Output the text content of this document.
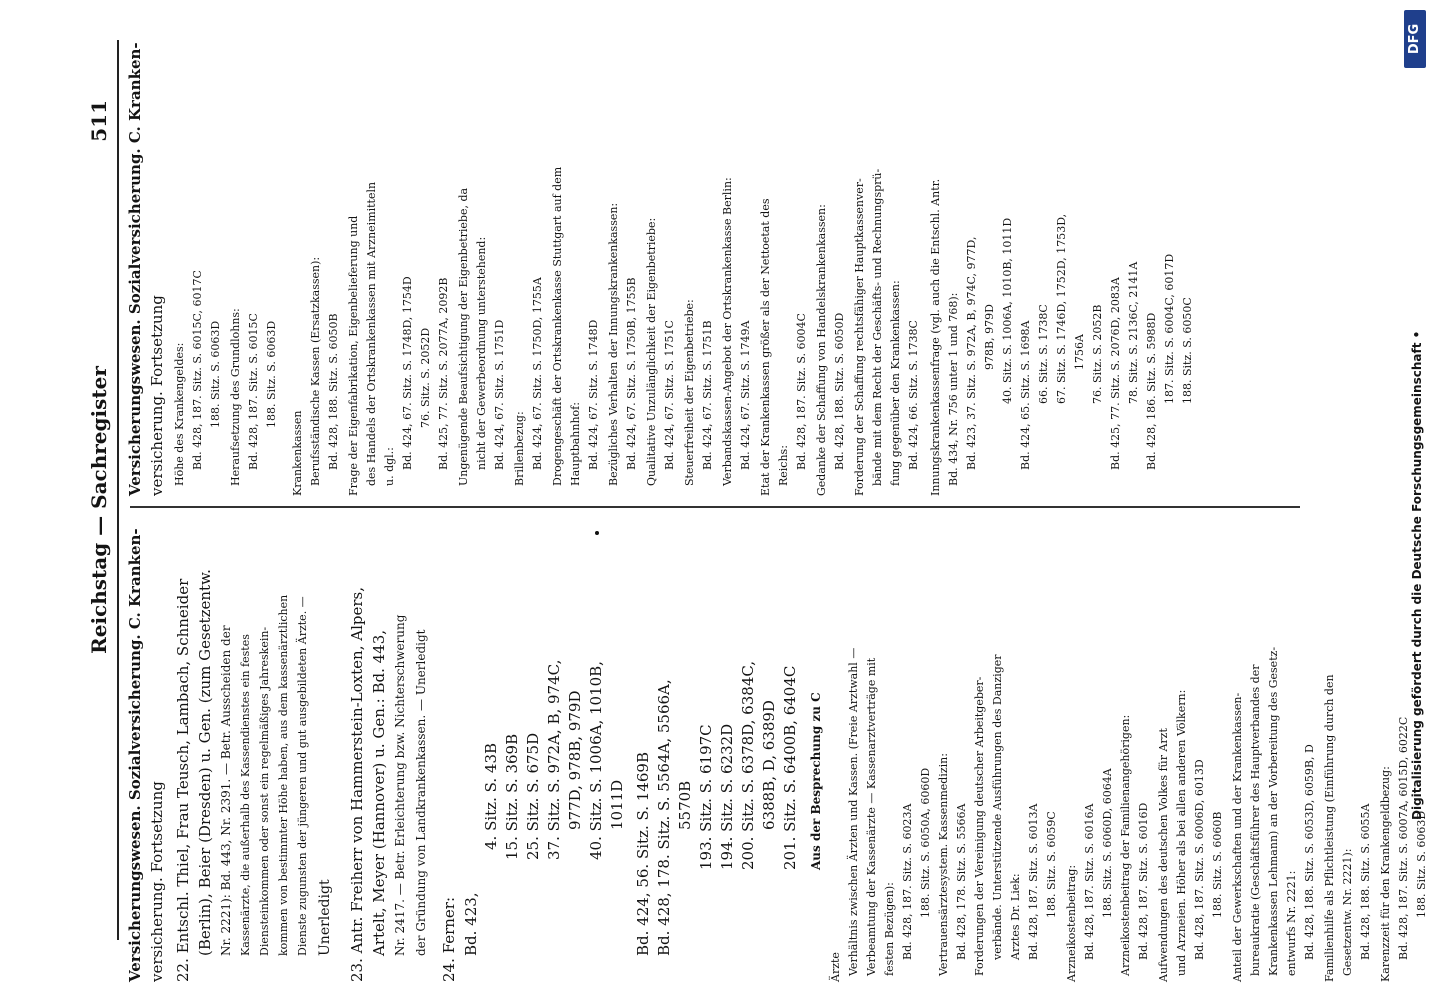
Reichstag — Sachregister
511
Versicherungswesen. Sozialversicherung. C. Kranken- versicherung. Fortsetzung 22. Entschl. Thiel, Frau Teusch, Lambach, Schneider (Berlin), Beier (Dresden) u. Gen. (zum Gesetzentw. Nr. 2221): Bd. 443, Nr. 2391. — Betr. Ausscheiden der Kassenärzte, die außerhalb des Kassendienstes ein festes Diensteinkommen oder sonst ein regelmäßiges Jahreskein- kommen von bestimmter Höhe haben, aus dem kassenärztlichen Dienste zugunsten der jüngeren und gut ausgebildeten Ärzte. — Unerledigt 23. Antr. Freiherr von Hammerstein-Loxten, Alpers, Artelt, Meyer (Hannover) u. Gen.: Bd. 443, Nr. 2417. — Betr. Erleichterung bzw. Nichterschwerung der Gründung von Landkrankenkassen. — Unerledigt 24. Ferner: Bd. 423,
4. Sitz. S. 43B 15. Sitz. S. 369B 25. Sitz. S. 675D 37. Sitz. S. 972A, B, 974C, 977D, 978B, 979D 40. Sitz. S. 1006A, 1010B, 1011D Bd. 424, 56. Sitz. S. 1469B Bd. 428, 178. Sitz. S. 5564A, 5566A, 5570B 193. Sitz. S. 6197C 194. Sitz. S. 6232D 200. Sitz. S. 6378D, 6384C, 6388B, D, 6389D 201. Sitz. S. 6400B, 6404C Aus der Besprechung zu C
Ärzte Verhältnis zwischen Ärzten und Kassen. (Freie Arztwahl — Verbeamtung der Kassenärzte — Kassenarztverträge mit festen Bezügen): Bd. 428, 187. Sitz. S. 6023A 188. Sitz. S. 6050A, 6060D Vertrauensärztesystem. Kassenmedizin: Bd. 428, 178. Sitz. S. 5566A Forderungen der Vereinigung deutscher Arbeitgeber- verbände. Unterstützende Ausführungen des Danziger Arztes Dr. Liek: Bd. 428, 187. Sitz. S. 6013A 188. Sitz. S. 6059C
Arzneikostenbeitrag: Bd. 428, 187. Sitz. S. 6016A 188. Sitz. S. 6060D, 6064A Arzneikostenbeitrag der Familienangehörigen: Bd. 428, 187. Sitz. S. 6016D Aufwendungen des deutschen Volkes für Arzt und Arzneien. Höher als bei allen anderen Völkern: Bd. 428, 187. Sitz. S. 6006D, 6013D 188. Sitz. S. 6060B Anteil der Gewerkschaften und der Krankenkassen- bureaukratie (Geschäftsführer des Hauptverbandes der Krankenkassen Lehmann) an der Vorbereitung des Gesetz- entwurfs Nr. 2221: Bd. 428, 188. Sitz. S. 6053D, 6059B, D Familienhilfe als Pflichtleistung (Einführung durch den Gesetzentw. Nr. 2221): Bd. 428, 188. Sitz. S. 6055A Karenzzeit für den Krankengeldbezug: Bd. 428, 187. Sitz. S. 6007A, 6015D, 6022C 188. Sitz. S. 6063D
Versicherungswesen. Sozialversicherung. C. Kranken- versicherung. Fortsetzung Höhe des Krankengeldes: Bd. 428, 187. Sitz. S. 6015C, 6017C 188. Sitz. S. 6063D Heraufsetzung des Grundlohns: Bd. 428, 187. Sitz. S. 6015C 188. Sitz. S. 6063D
Krankenkassen Berufsständische Kassen (Ersatzkassen): Bd. 428, 188. Sitz. S. 6050B Frage der Eigenfabrikation, Eigenbelieferung und des Handels der Ortskrankenkassen mit Arzneimitteln u. dgl.: Bd. 424, 67. Sitz. S. 1748D, 1754D 76. Sitz. S. 2052D Bd. 425, 77. Sitz. S. 2077A, 2092B Ungenügende Beaufsichtigung der Eigenbetriebe, da nicht der Gewerbeordnung unterstehend: Bd. 424, 67. Sitz. S. 1751D Brillenbezug: Bd. 424, 67. Sitz. S. 1750D, 1755A Drogengeschäft der Ortskrankenkasse Stuttgart auf dem Hauptbahnhof: Bd. 424, 67. Sitz. S. 1748D Bezügliches Verhalten der Innungskrankenkassen: Bd. 424, 67. Sitz. S. 1750B, 1755B Qualitative Unzulänglichkeit der Eigenbetriebe: Bd. 424, 67. Sitz. S. 1751C Steuerfreiheit der Eigenbetriebe: Bd. 424, 67. Sitz. S. 1751B Verbandskassen-Angebot der Ortskrankenkasse Berlin: Bd. 424, 67. Sitz. S. 1749A Etat der Krankenkassen größer als der Nettoetat des Reichs: Bd. 428, 187. Sitz. S. 6004C Gedanke der Schaffung von Handelskrankenkassen: Bd. 428, 188. Sitz. S. 6050D Forderung der Schaffung rechtsfähiger Hauptkassenver- bände mit dem Recht der Geschäfts- und Rechnungsprü- fung gegenüber den Krankenkassen: Bd. 424, 66. Sitz. S. 1738C Innungskrankenkassenfrage (vgl. auch die Entschl. Antr. Bd. 434, Nr. 756 unter 1 und 768): Bd. 423, 37. Sitz. S. 972A, B, 974C, 977D, 978B, 979D 40. Sitz. S. 1006A, 1010B, 1011D Bd. 424, 65. Sitz. S. 1698A 66. Sitz. S. 1738C 67. Sitz. S. 1746D, 1752D, 1753D, 1756A 76. Sitz. S. 2052B Bd. 425, 77. Sitz. S. 2076D, 2083A 78. Sitz. S. 2136C, 2141A Bd. 428, 186. Sitz. S. 5988D 187. Sitz. S. 6004C, 6017D 188. Sitz. S. 6050C	Digitalisierung gefördert durch die Deutsche Forschungsgemeinschaft •
DFG
